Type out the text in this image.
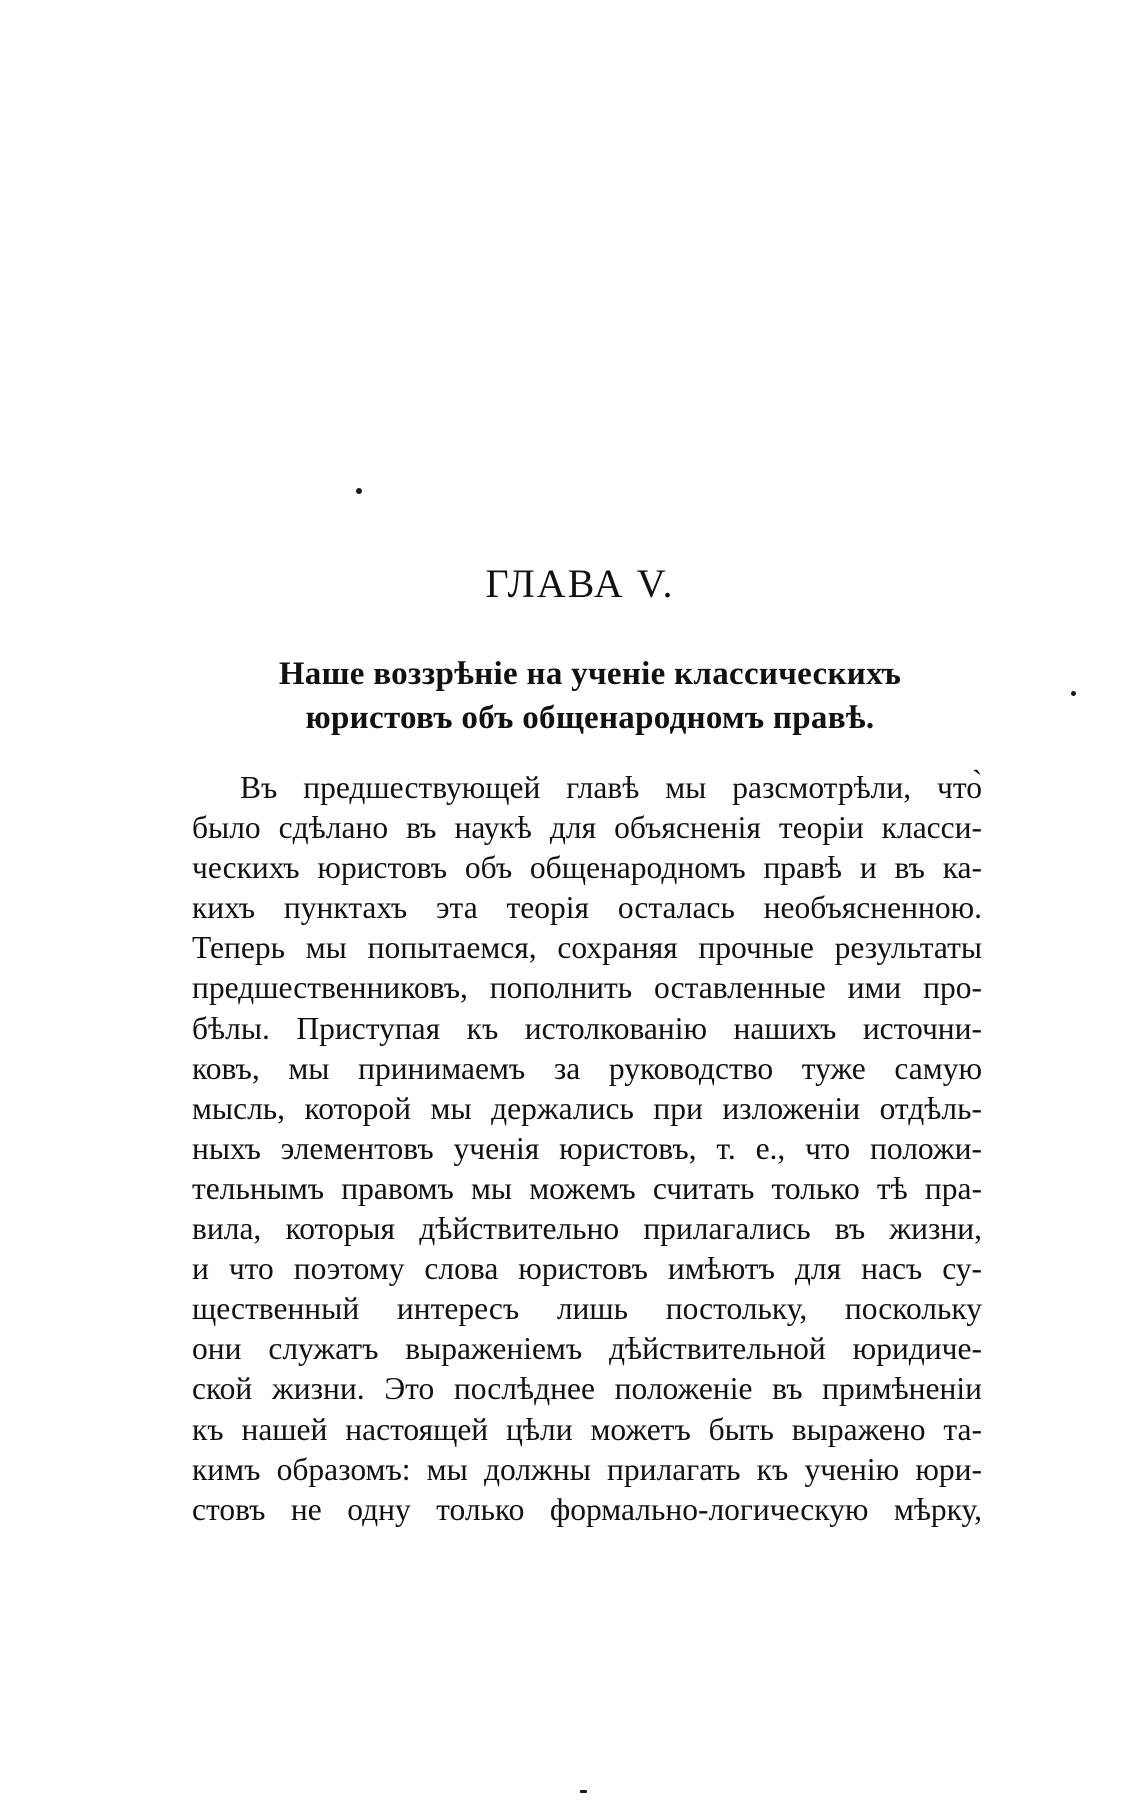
ГЛАВА V.
Наше воззрѣніе на ученіе классическихъ
юристовъ объ общенародномъ правѣ.
Въ предшествующей главѣ мы разсмотрѣли, что̀
было сдѣлано въ наукѣ для объясненія теоріи класси-
ческихъ юристовъ объ общенародномъ правѣ и въ ка-
кихъ пунктахъ эта теорія осталась необъясненною.
Теперь мы попытаемся, сохраняя прочные результаты
предшественниковъ, пополнить оставленные ими про-
бѣлы. Приступая къ истолкованію нашихъ источни-
ковъ, мы принимаемъ за руководство туже самую
мысль, которой мы держались при изложеніи отдѣль-
ныхъ элементовъ ученія юристовъ, т. е., что положи-
тельнымъ правомъ мы можемъ считать только тѣ пра-
вила, которыя дѣйствительно прилагались въ жизни,
и что поэтому слова юристовъ имѣютъ для насъ су-
щественный интересъ лишь постольку, поскольку
они служатъ выраженіемъ дѣйствительной юридиче-
ской жизни. Это послѣднее положеніе въ примѣненіи
къ нашей настоящей цѣли можетъ быть выражено та-
кимъ образомъ: мы должны прилагать къ ученію юри-
стовъ не одну только формально-логическую мѣрку,
